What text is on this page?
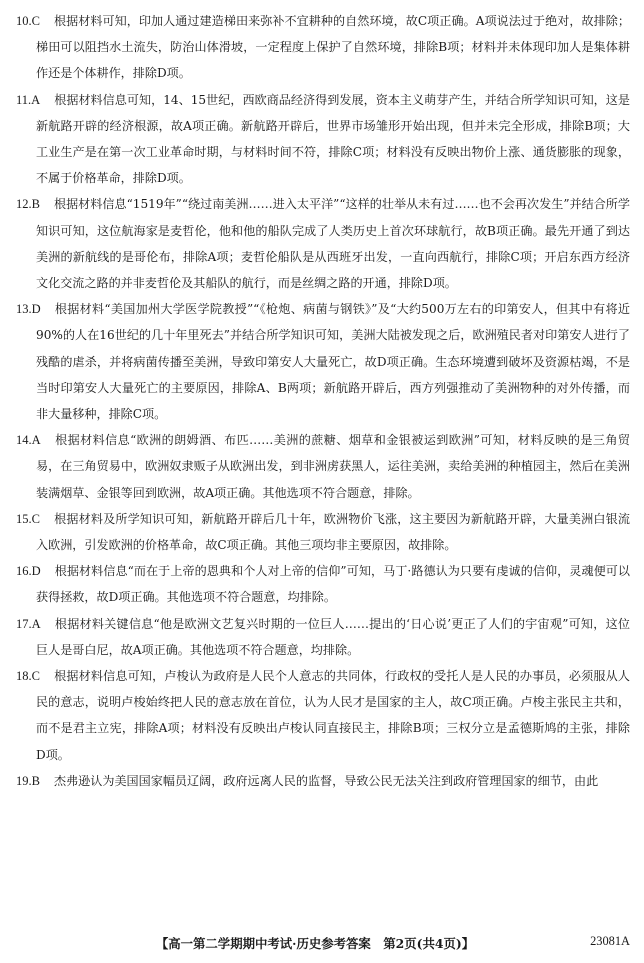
10.C 根据材料可知，印加人通过建造梯田来弥补不宜耕种的自然环境，故C项正确。A项说法过于绝对，故排除；梯田可以阻挡水土流失，防治山体滑坡，一定程度上保护了自然环境，排除B项；材料并未体现印加人是集体耕作还是个体耕作，排除D项。

11.A 根据材料信息可知，14、15世纪，西欧商品经济得到发展，资本主义萌芽产生，并结合所学知识可知，这是新航路开辟的经济根源，故A项正确。新航路开辟后，世界市场雏形开始出现，但并未完全形成，排除B项；大工业生产是在第一次工业革命时期，与材料时间不符，排除C项；材料没有反映出物价上涨、通货膨胀的现象，不属于价格革命，排除D项。

12.B 根据材料信息“1519年”“绕过南美洲……进入太平洋”“这样的壮举从未有过……也不会再次发生”并结合所学知识可知，这位航海家是麦哲伦，他和他的船队完成了人类历史上首次环球航行，故B项正确。最先开通了到达美洲的新航线的是哥伦布，排除A项；麦哲伦船队是从西班牙出发，一直向西航行，排除C项；开启东西方经济文化交流之路的并非麦哲伦及其船队的航行，而是丝绸之路的开通，排除D项。

13.D 根据材料“美国加州大学医学院教授”“《枪炮、病菌与钢铁》”及“大约500万左右的印第安人，但其中有将近90%的人在16世纪的几十年里死去”并结合所学知识可知，美洲大陆被发现之后，欧洲殖民者对印第安人进行了残酷的虐杀，并将病菌传播至美洲，导致印第安人大量死亡，故D项正确。生态环境遭到破坏及资源枯竭，不是当时印第安人大量死亡的主要原因，排除A、B两项；新航路开辟后，西方列强推动了美洲物种的对外传播，而非大量移种，排除C项。

14.A 根据材料信息“欧洲的朗姆酒、布匹……美洲的蔗糖、烟草和金银被运到欧洲”可知，材料反映的是三角贸易，在三角贸易中，欧洲奴隶贩子从欧洲出发，到非洲虏获黑人，运往美洲，卖给美洲的种植园主，然后在美洲装满烟草、金银等回到欧洲，故A项正确。其他选项不符合题意，排除。

15.C 根据材料及所学知识可知，新航路开辟后几十年，欧洲物价飞涨，这主要因为新航路开辟，大量美洲白银流入欧洲，引发欧洲的价格革命，故C项正确。其他三项均非主要原因，故排除。

16.D 根据材料信息“而在于上帝的恩典和个人对上帝的信仰”可知，马丁·路德认为只要有虔诚的信仰，灵魂便可以获得拯救，故D项正确。其他选项不符合题意，均排除。

17.A 根据材料关键信息“他是欧洲文艺复兴时期的一位巨人……提出的‘日心说’更正了人们的宇宙观”可知，这位巨人是哥白尼，故A项正确。其他选项不符合题意，均排除。

18.C 根据材料信息可知，卢梭认为政府是人民个人意志的共同体，行政权的受托人是人民的办事员，必须服从人民的意志，说明卢梭始终把人民的意志放在首位，认为人民才是国家的主人，故C项正确。卢梭主张民主共和，而不是君主立宪，排除A项；材料没有反映出卢梭认同直接民主，排除B项；三权分立是孟德斯鸠的主张，排除D项。

19.B 杰弗逊认为美国国家幅员辽阔，政府远离人民的监督，导致公民无法关注到政府管理国家的细节，由此

【高一第二学期期中考试·历史参考答案　第2页(共4页)】	23081A
